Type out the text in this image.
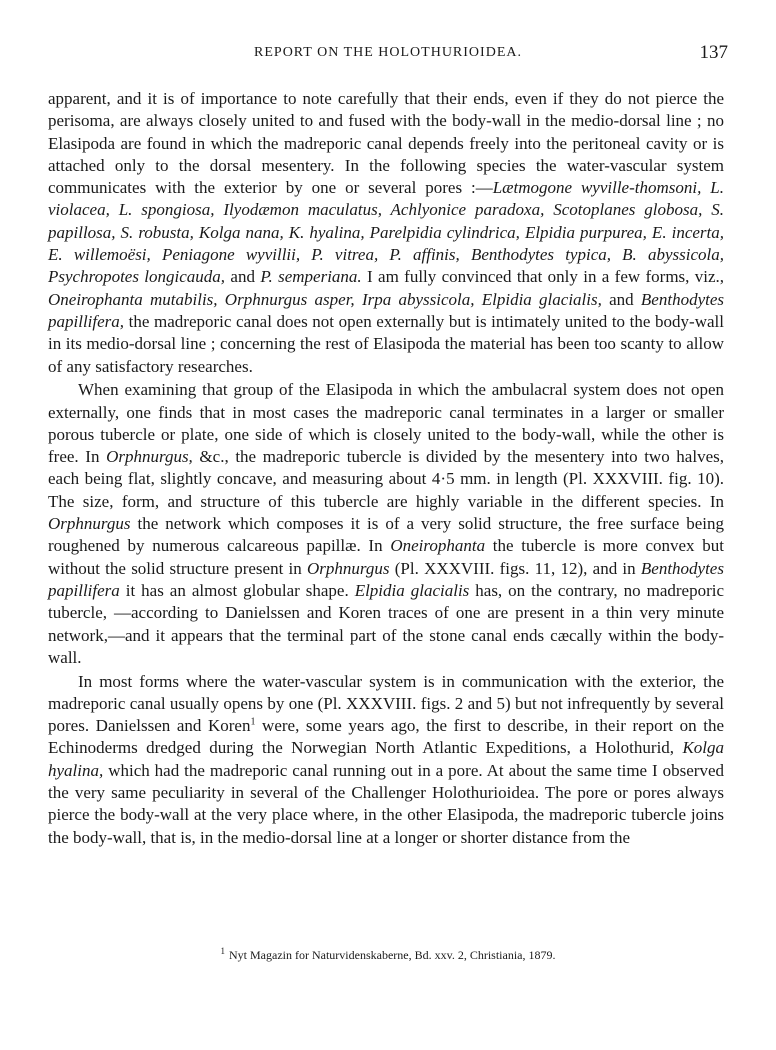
REPORT ON THE HOLOTHURIOIDEA.	137

apparent, and it is of importance to note carefully that their ends, even if they do not pierce the perisoma, are always closely united to and fused with the body-wall in the medio-dorsal line ; no Elasipoda are found in which the madreporic canal depends freely into the peritoneal cavity or is attached only to the dorsal mesentery. In the following species the water-vascular system communicates with the exterior by one or several pores :—Lætmogone wyville-thomsoni, L. violacea, L. spongiosa, Ilyodæmon maculatus, Achlyonice paradoxa, Scotoplanes globosa, S. papillosa, S. robusta, Kolga nana, K. hyalina, Parelpidia cylindrica, Elpidia purpurea, E. incerta, E. willemoësi, Peniagone wyvillii, P. vitrea, P. affinis, Benthodytes typica, B. abyssicola, Psychropotes longicauda, and P. semperiana. I am fully convinced that only in a few forms, viz., Oneirophanta mutabilis, Orphnurgus asper, Irpa abyssicola, Elpidia glacialis, and Benthodytes papillifera, the madreporic canal does not open externally but is intimately united to the body-wall in its medio-dorsal line ; concerning the rest of Elasipoda the material has been too scanty to allow of any satisfactory researches.

When examining that group of the Elasipoda in which the ambulacral system does not open externally, one finds that in most cases the madreporic canal terminates in a larger or smaller porous tubercle or plate, one side of which is closely united to the body-wall, while the other is free. In Orphnurgus, &c., the madreporic tubercle is divided by the mesentery into two halves, each being flat, slightly concave, and measuring about 4·5 mm. in length (Pl. XXXVIII. fig. 10). The size, form, and structure of this tubercle are highly variable in the different species. In Orphnurgus the network which composes it is of a very solid structure, the free surface being roughened by numerous calcareous papillæ. In Oneirophanta the tubercle is more convex but without the solid structure present in Orphnurgus (Pl. XXXVIII. figs. 11, 12), and in Benthodytes papillifera it has an almost globular shape. Elpidia glacialis has, on the contrary, no madreporic tubercle, —according to Danielssen and Koren traces of one are present in a thin very minute network,—and it appears that the terminal part of the stone canal ends cæcally within the body-wall.

In most forms where the water-vascular system is in communication with the exterior, the madreporic canal usually opens by one (Pl. XXXVIII. figs. 2 and 5) but not infrequently by several pores. Danielssen and Koren$^1$ were, some years ago, the first to describe, in their report on the Echinoderms dredged during the Norwegian North Atlantic Expeditions, a Holothurid, Kolga hyalina, which had the madreporic canal running out in a pore. At about the same time I observed the very same peculiarity in several of the Challenger Holothurioidea. The pore or pores always pierce the body-wall at the very place where, in the other Elasipoda, the madreporic tubercle joins the body-wall, that is, in the medio-dorsal line at a longer or shorter distance from the

$^1$ Nyt Magazin for Naturvidenskaberne, Bd. xxv. 2, Christiania, 1879.
